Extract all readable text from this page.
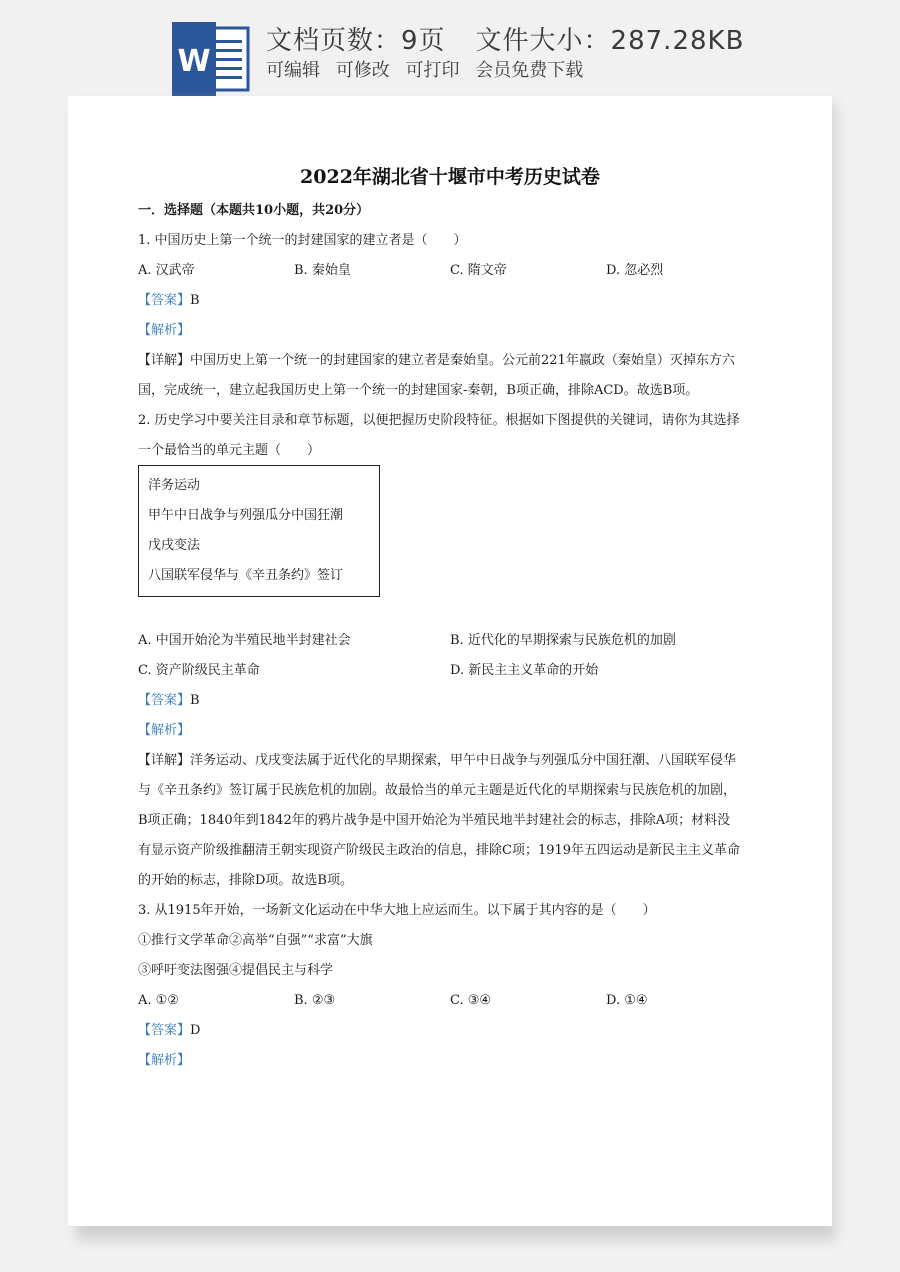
W
文档页数：9页 文件大小：287.28KB
可编辑 可修改 可打印 会员免费下载
2022年湖北省十堰市中考历史试卷
一．选择题（本题共10小题，共20分）
1. 中国历史上第一个统一的封建国家的建立者是（　　）
A. 汉武帝	B. 秦始皇	C. 隋文帝	D. 忽必烈
【答案】B
【解析】
【详解】中国历史上第一个统一的封建国家的建立者是秦始皇。公元前221年嬴政（秦始皇）灭掉东方六
国，完成统一，建立起我国历史上第一个统一的封建国家-秦朝，B项正确，排除ACD。故选B项。
2. 历史学习中要关注目录和章节标题，以便把握历史阶段特征。根据如下图提供的关键词，请你为其选择
一个最恰当的单元主题（　　）
洋务运动
甲午中日战争与列强瓜分中国狂潮
戊戌变法
八国联军侵华与《辛丑条约》签订
A. 中国开始沦为半殖民地半封建社会	B. 近代化的早期探索与民族危机的加剧
C. 资产阶级民主革命	D. 新民主主义革命的开始
【答案】B
【解析】
【详解】洋务运动、戊戌变法属于近代化的早期探索，甲午中日战争与列强瓜分中国狂潮、八国联军侵华
与《辛丑条约》签订属于民族危机的加剧。故最恰当的单元主题是近代化的早期探索与民族危机的加剧，
B项正确；1840年到1842年的鸦片战争是中国开始沦为半殖民地半封建社会的标志，排除A项；材料没
有显示资产阶级推翻清王朝实现资产阶级民主政治的信息，排除C项；1919年五四运动是新民主主义革命
的开始的标志，排除D项。故选B项。
3. 从1915年开始，一场新文化运动在中华大地上应运而生。以下属于其内容的是（　　）
①推行文学革命②高举“自强”“求富”大旗
③呼吁变法图强④提倡民主与科学
A. ①②	B. ②③	C. ③④	D. ①④
【答案】D
【解析】
